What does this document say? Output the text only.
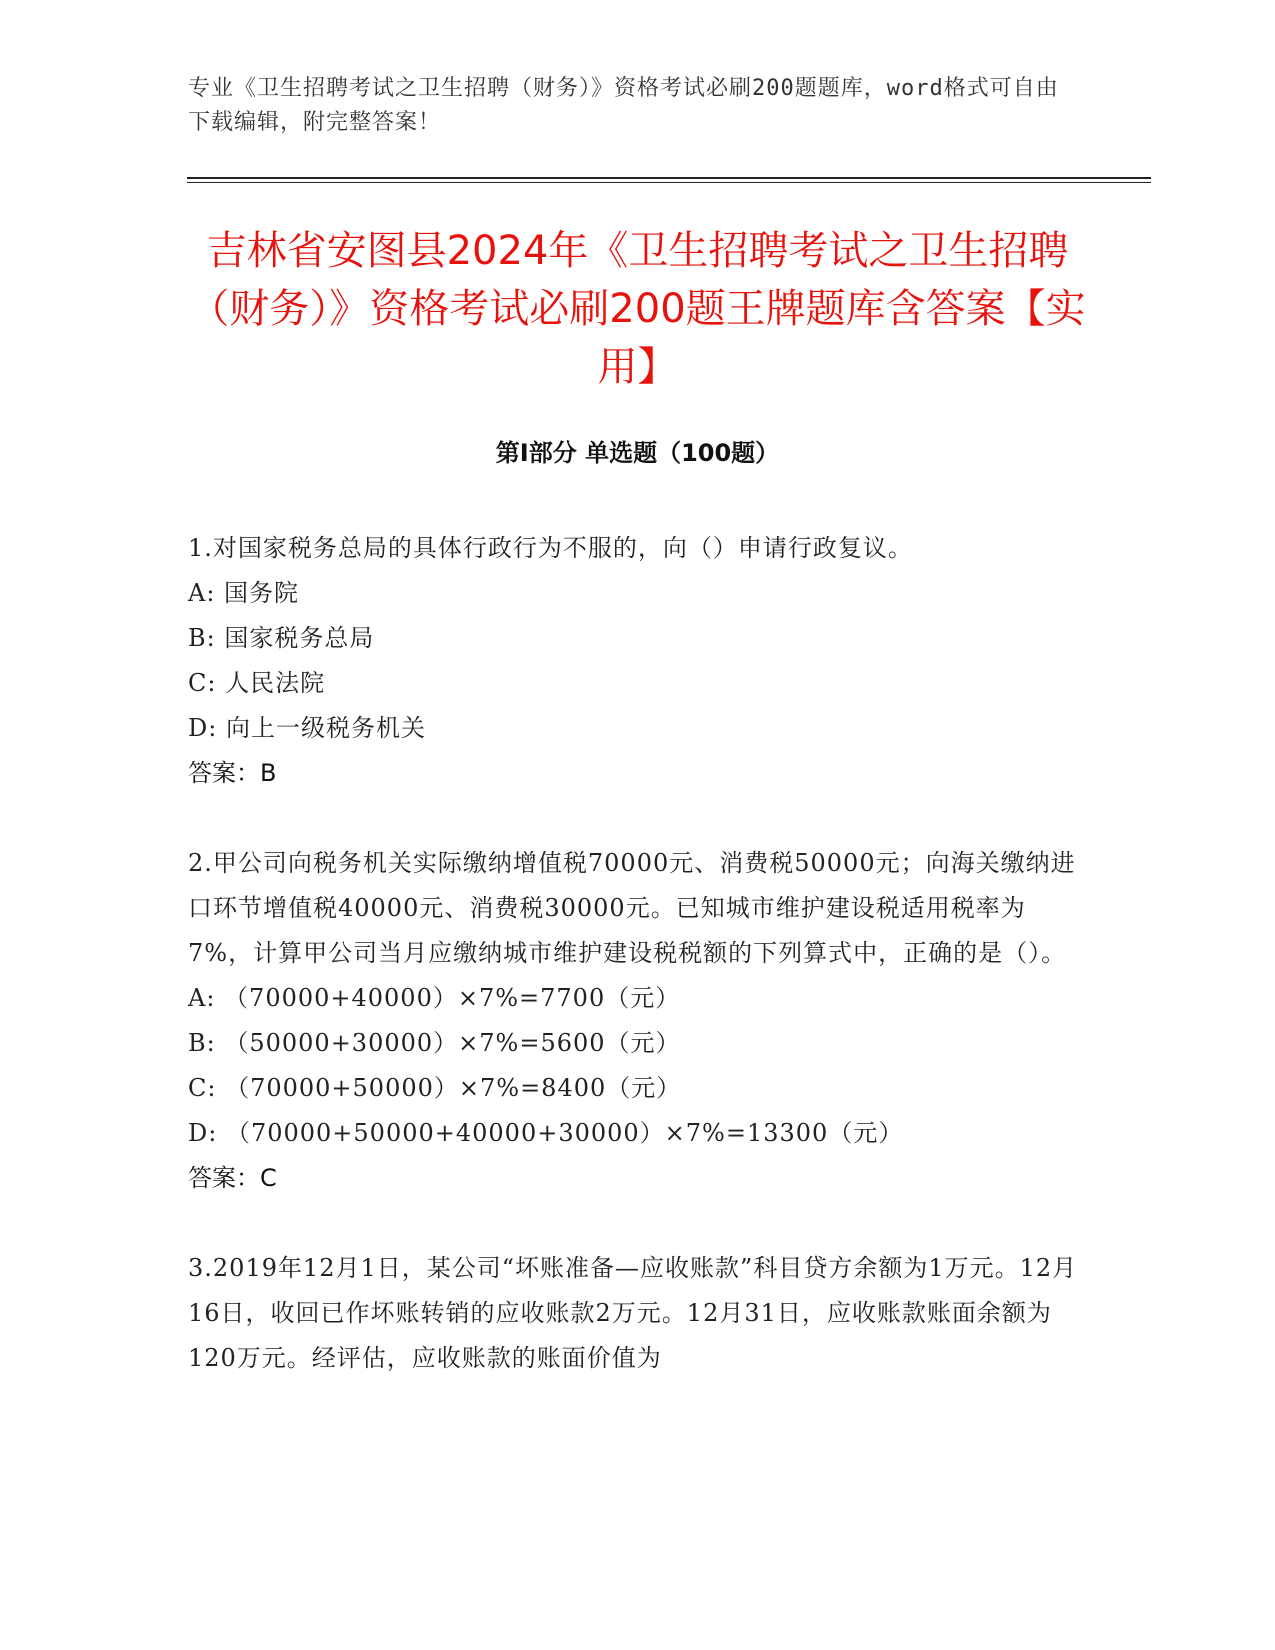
专业《卫生招聘考试之卫生招聘（财务）》资格考试必刷200题题库，word格式可自由下载编辑，附完整答案！
吉林省安图县2024年《卫生招聘考试之卫生招聘（财务）》资格考试必刷200题王牌题库含答案【实用】
第Ⅰ部分 单选题（100题）

1.对国家税务总局的具体行政行为不服的，向（）申请行政复议。

A: 国务院

B: 国家税务总局

C: 人民法院

D: 向上一级税务机关

答案：B

2.甲公司向税务机关实际缴纳增值税70000元、消费税50000元；向海关缴纳进口环节增值税40000元、消费税30000元。已知城市维护建设税适用税率为7%，计算甲公司当月应缴纳城市维护建设税税额的下列算式中，正确的是（）。

A: （70000+40000）×7%=7700（元）

B: （50000+30000）×7%=5600（元）

C: （70000+50000）×7%=8400（元）

D: （70000+50000+40000+30000）×7%=13300（元）

答案：C

3.2019年12月1日，某公司“坏账准备—应收账款”科目贷方余额为1万元。12月16日，收回已作坏账转销的应收账款2万元。12月31日，应收账款账面余额为120万元。经评估，应收账款的账面价值为
